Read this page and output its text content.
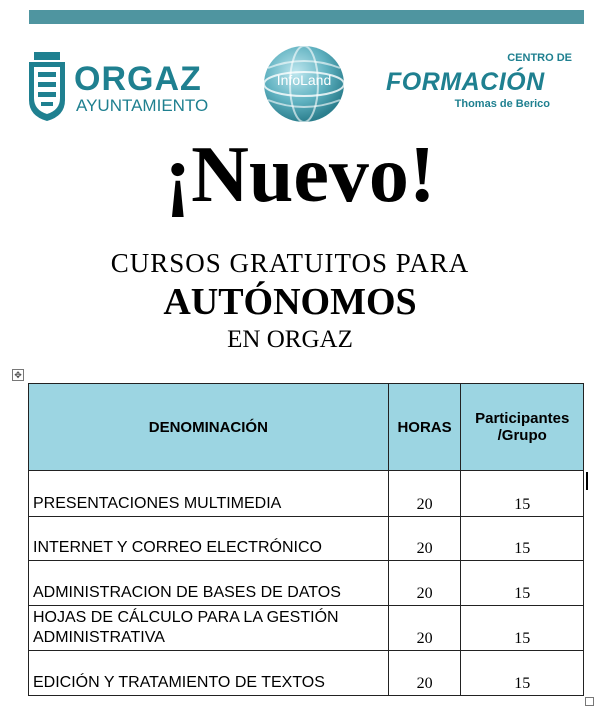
ORGAZ
AYUNTAMIENTO
InfoLand
CENTRO DE
FORMACIÓN
Thomas de Berico
¡Nuevo!
CURSOS GRATUITOS PARA
AUTÓNOMOS
EN ORGAZ
✥
DENOMINACIÓN	HORAS	Participantes
/Grupo
PRESENTACIONES MULTIMEDIA	20	15
INTERNET Y CORREO ELECTRÓNICO	20	15
ADMINISTRACION DE BASES DE DATOS	20	15
HOJAS DE CÁLCULO PARA LA GESTIÓN ADMINISTRATIVA	20	15
EDICIÓN Y TRATAMIENTO DE TEXTOS	20	15
